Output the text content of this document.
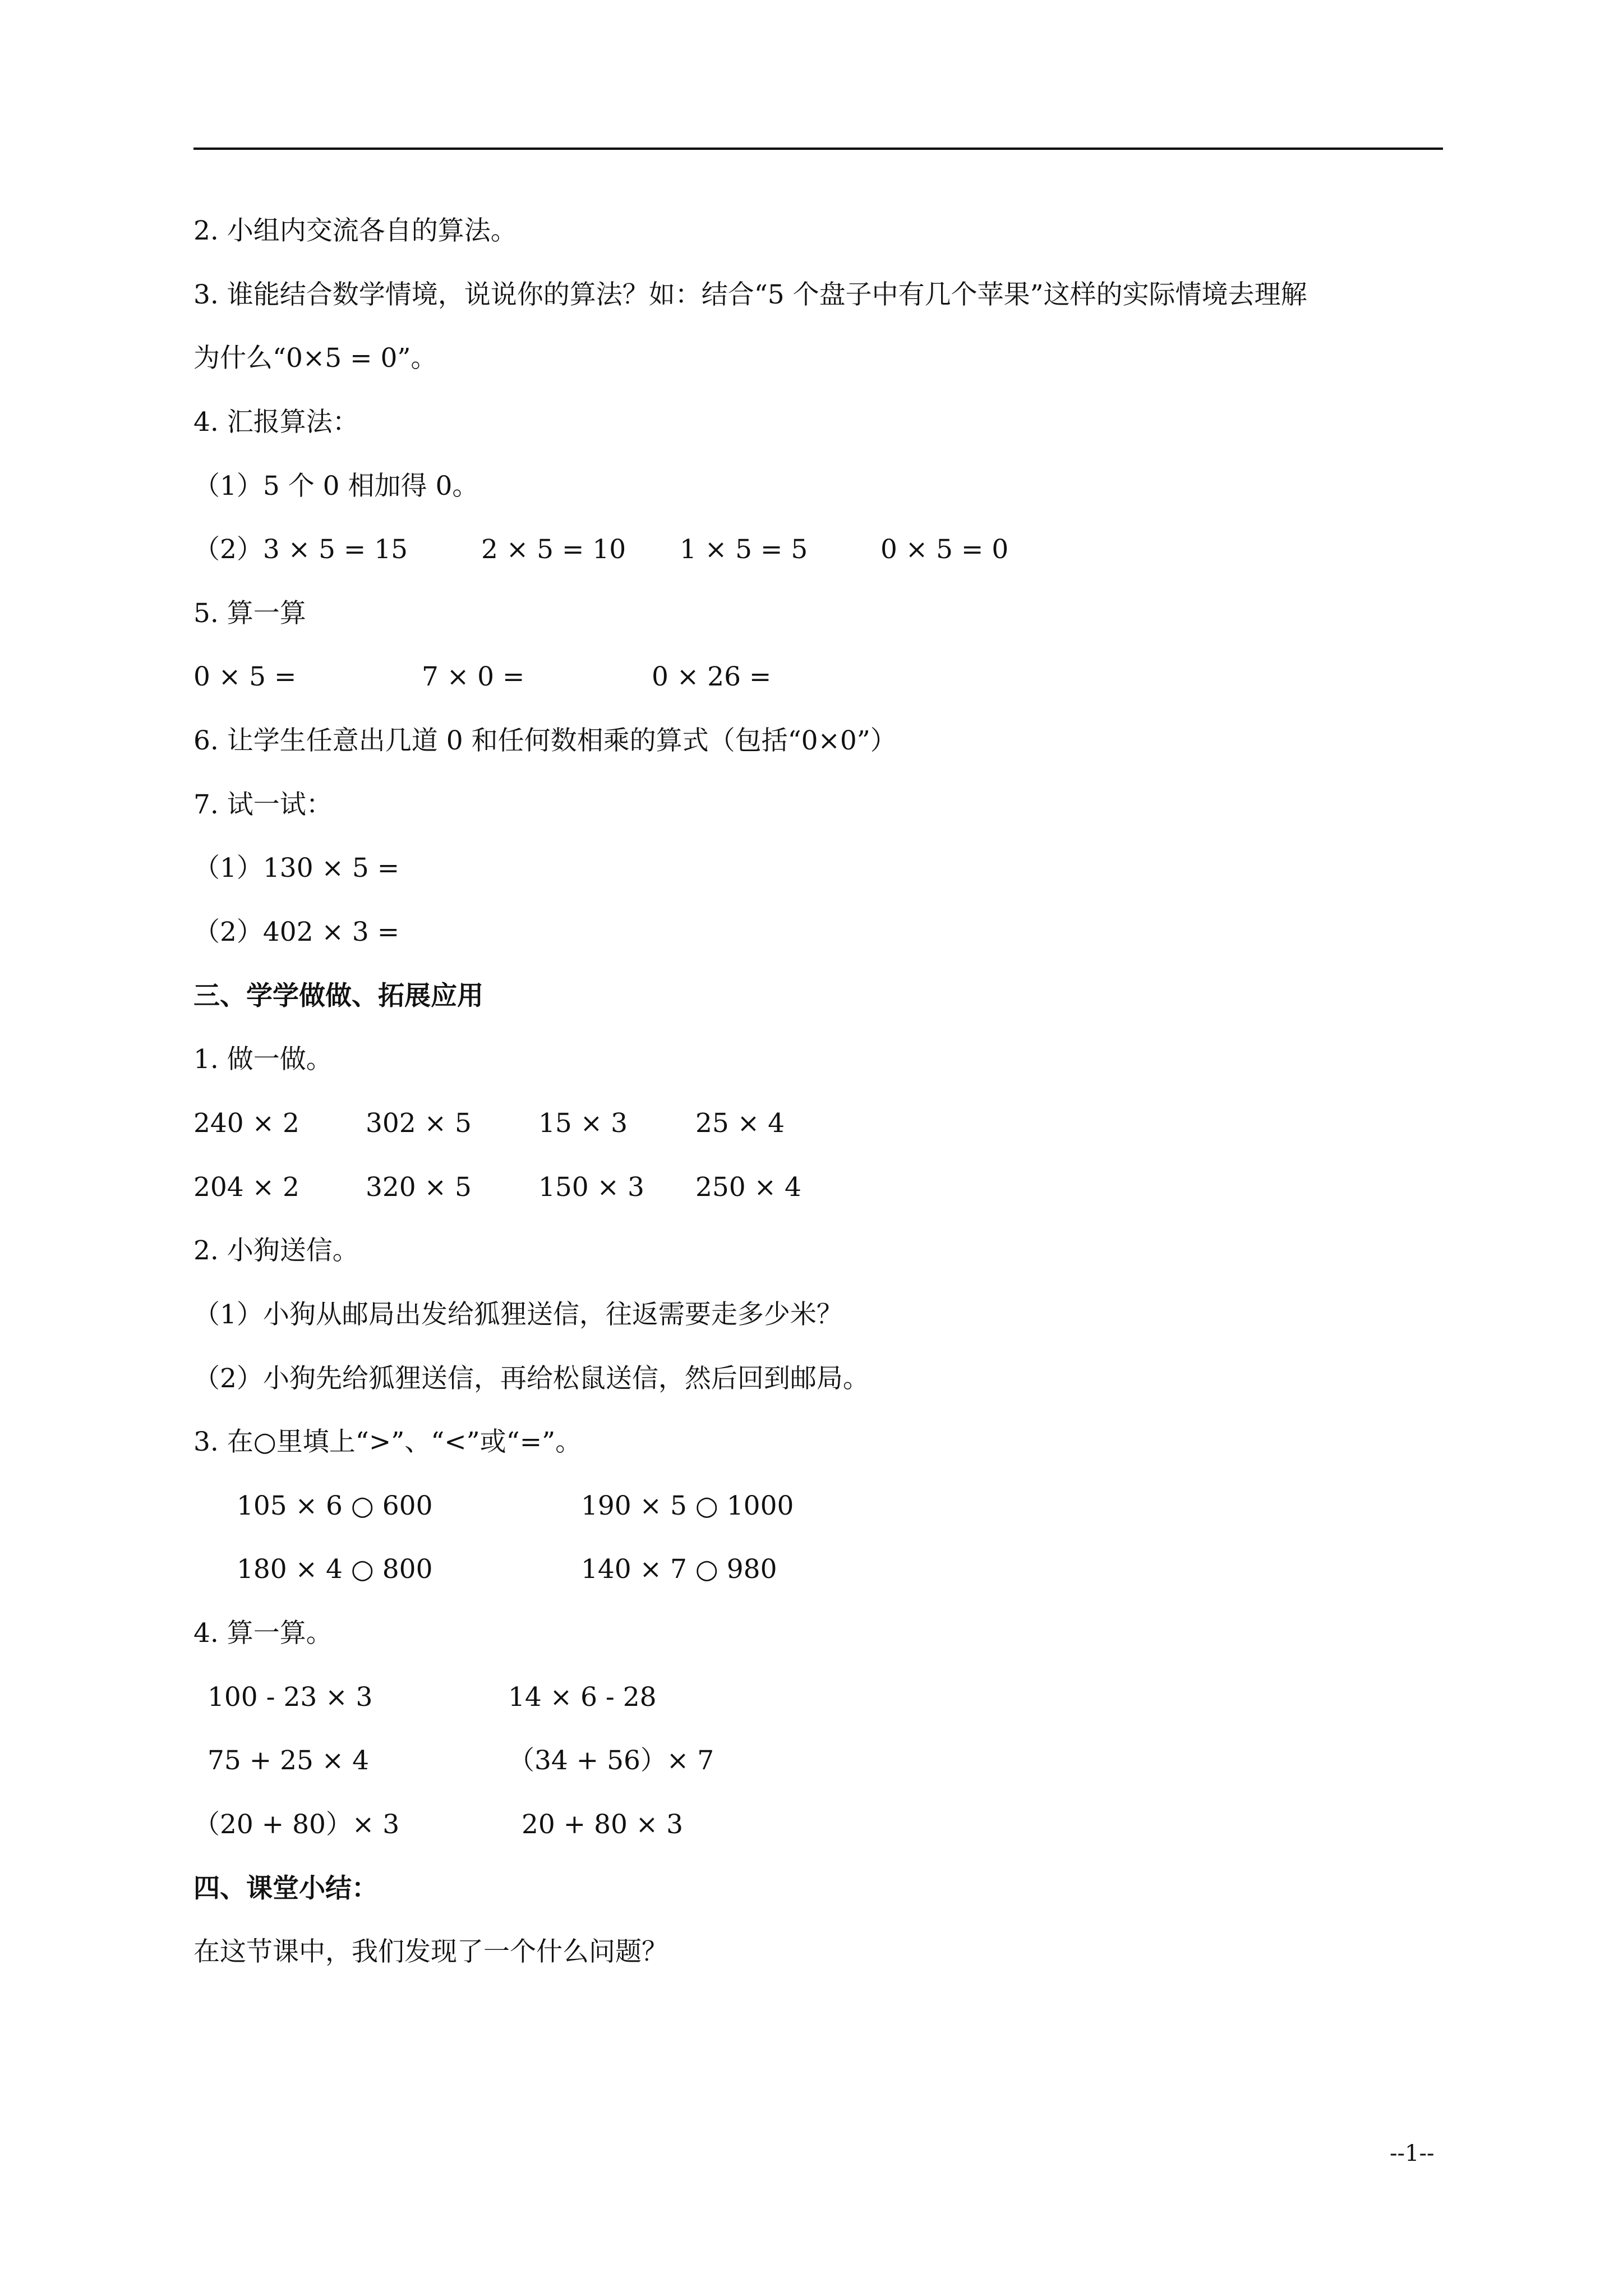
2. 小组内交流各自的算法。
3. 谁能结合数学情境，说说你的算法？如：结合“5 个盘子中有几个苹果”这样的实际情境去理解
为什么“0×5 = 0”。
4. 汇报算法：
（1）5 个 0 相加得 0。
（2）3 × 5 = 15	2 × 5 = 10 1 × 5 = 5	0 × 5 = 0
5. 算一算
0 × 5 =	7 × 0 =	0 × 26 =
6. 让学生任意出几道 0 和任何数相乘的算式（包括“0×0”）
7. 试一试：
（1）130 × 5 =
（2）402 × 3 =
三、学学做做、拓展应用
1. 做一做。
240 × 2	302 × 5	15 × 3	25 × 4
204 × 2	320 × 5	150 × 3 250 × 4
2. 小狗送信。
（1）小狗从邮局出发给狐狸送信，往返需要走多少米？
（2）小狗先给狐狸送信，再给松鼠送信，然后回到邮局。
3. 在○里填上“>”、“<”或“=”。
105 × 6 ○ 600	190 × 5 ○ 1000
180 × 4 ○ 800	140 × 7 ○ 980
4. 算一算。
100 - 23 × 3	14 × 6 - 28
75 + 25 × 4	（34 + 56）× 7
（20 + 80）× 3	20 + 80 × 3
四、课堂小结：
在这节课中，我们发现了一个什么问题？
--1--
